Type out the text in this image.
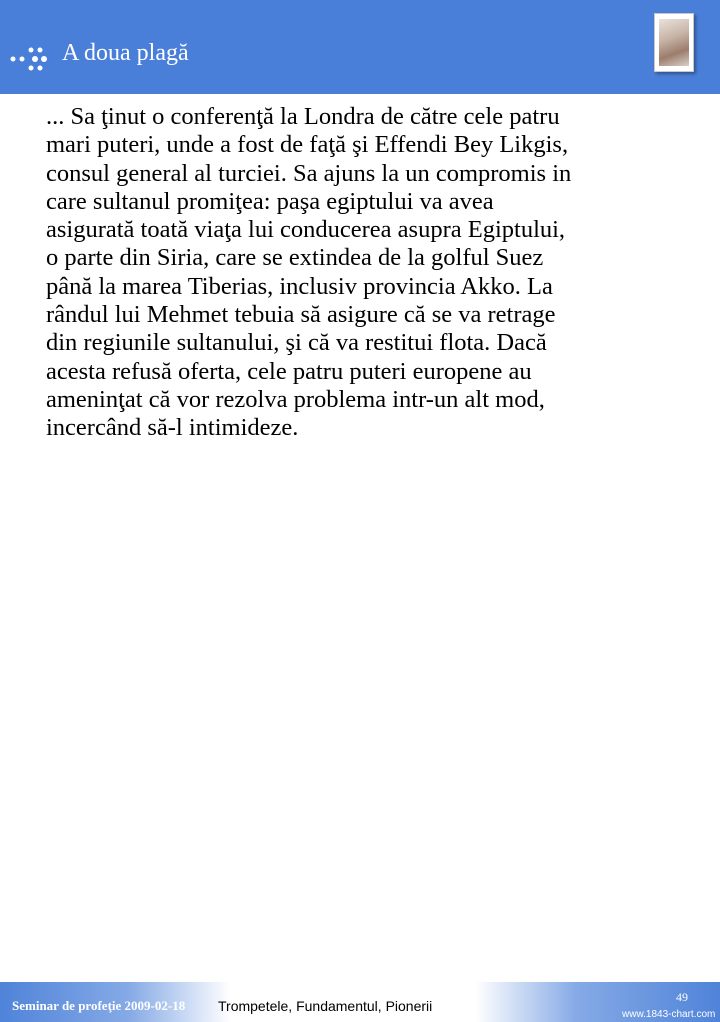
A doua plagă
... Sa ţinut o conferenţă la Londra de către cele patru
mari puteri, unde a fost de faţă şi Effendi Bey Likgis,
consul general al turciei. Sa ajuns la un compromis in
care sultanul promiţea: paşa egiptului va avea
asigurată toată viaţa lui conducerea asupra Egiptului,
o parte din Siria, care se extindea de la golful Suez
până la marea Tiberias, inclusiv provincia Akko. La
rândul lui Mehmet tebuia să asigure că se va retrage
din regiunile sultanului, şi că va restitui flota. Dacă
acesta refusă oferta, cele patru puteri europene au
ameninţat că vor rezolva problema intr-un alt mod,
incercând să-l intimideze.
20.03.2018
Seminar de profeţie 2009-02-18 Trompetele, Fundamentul, Pionerii
49
www.1843-chart.com
